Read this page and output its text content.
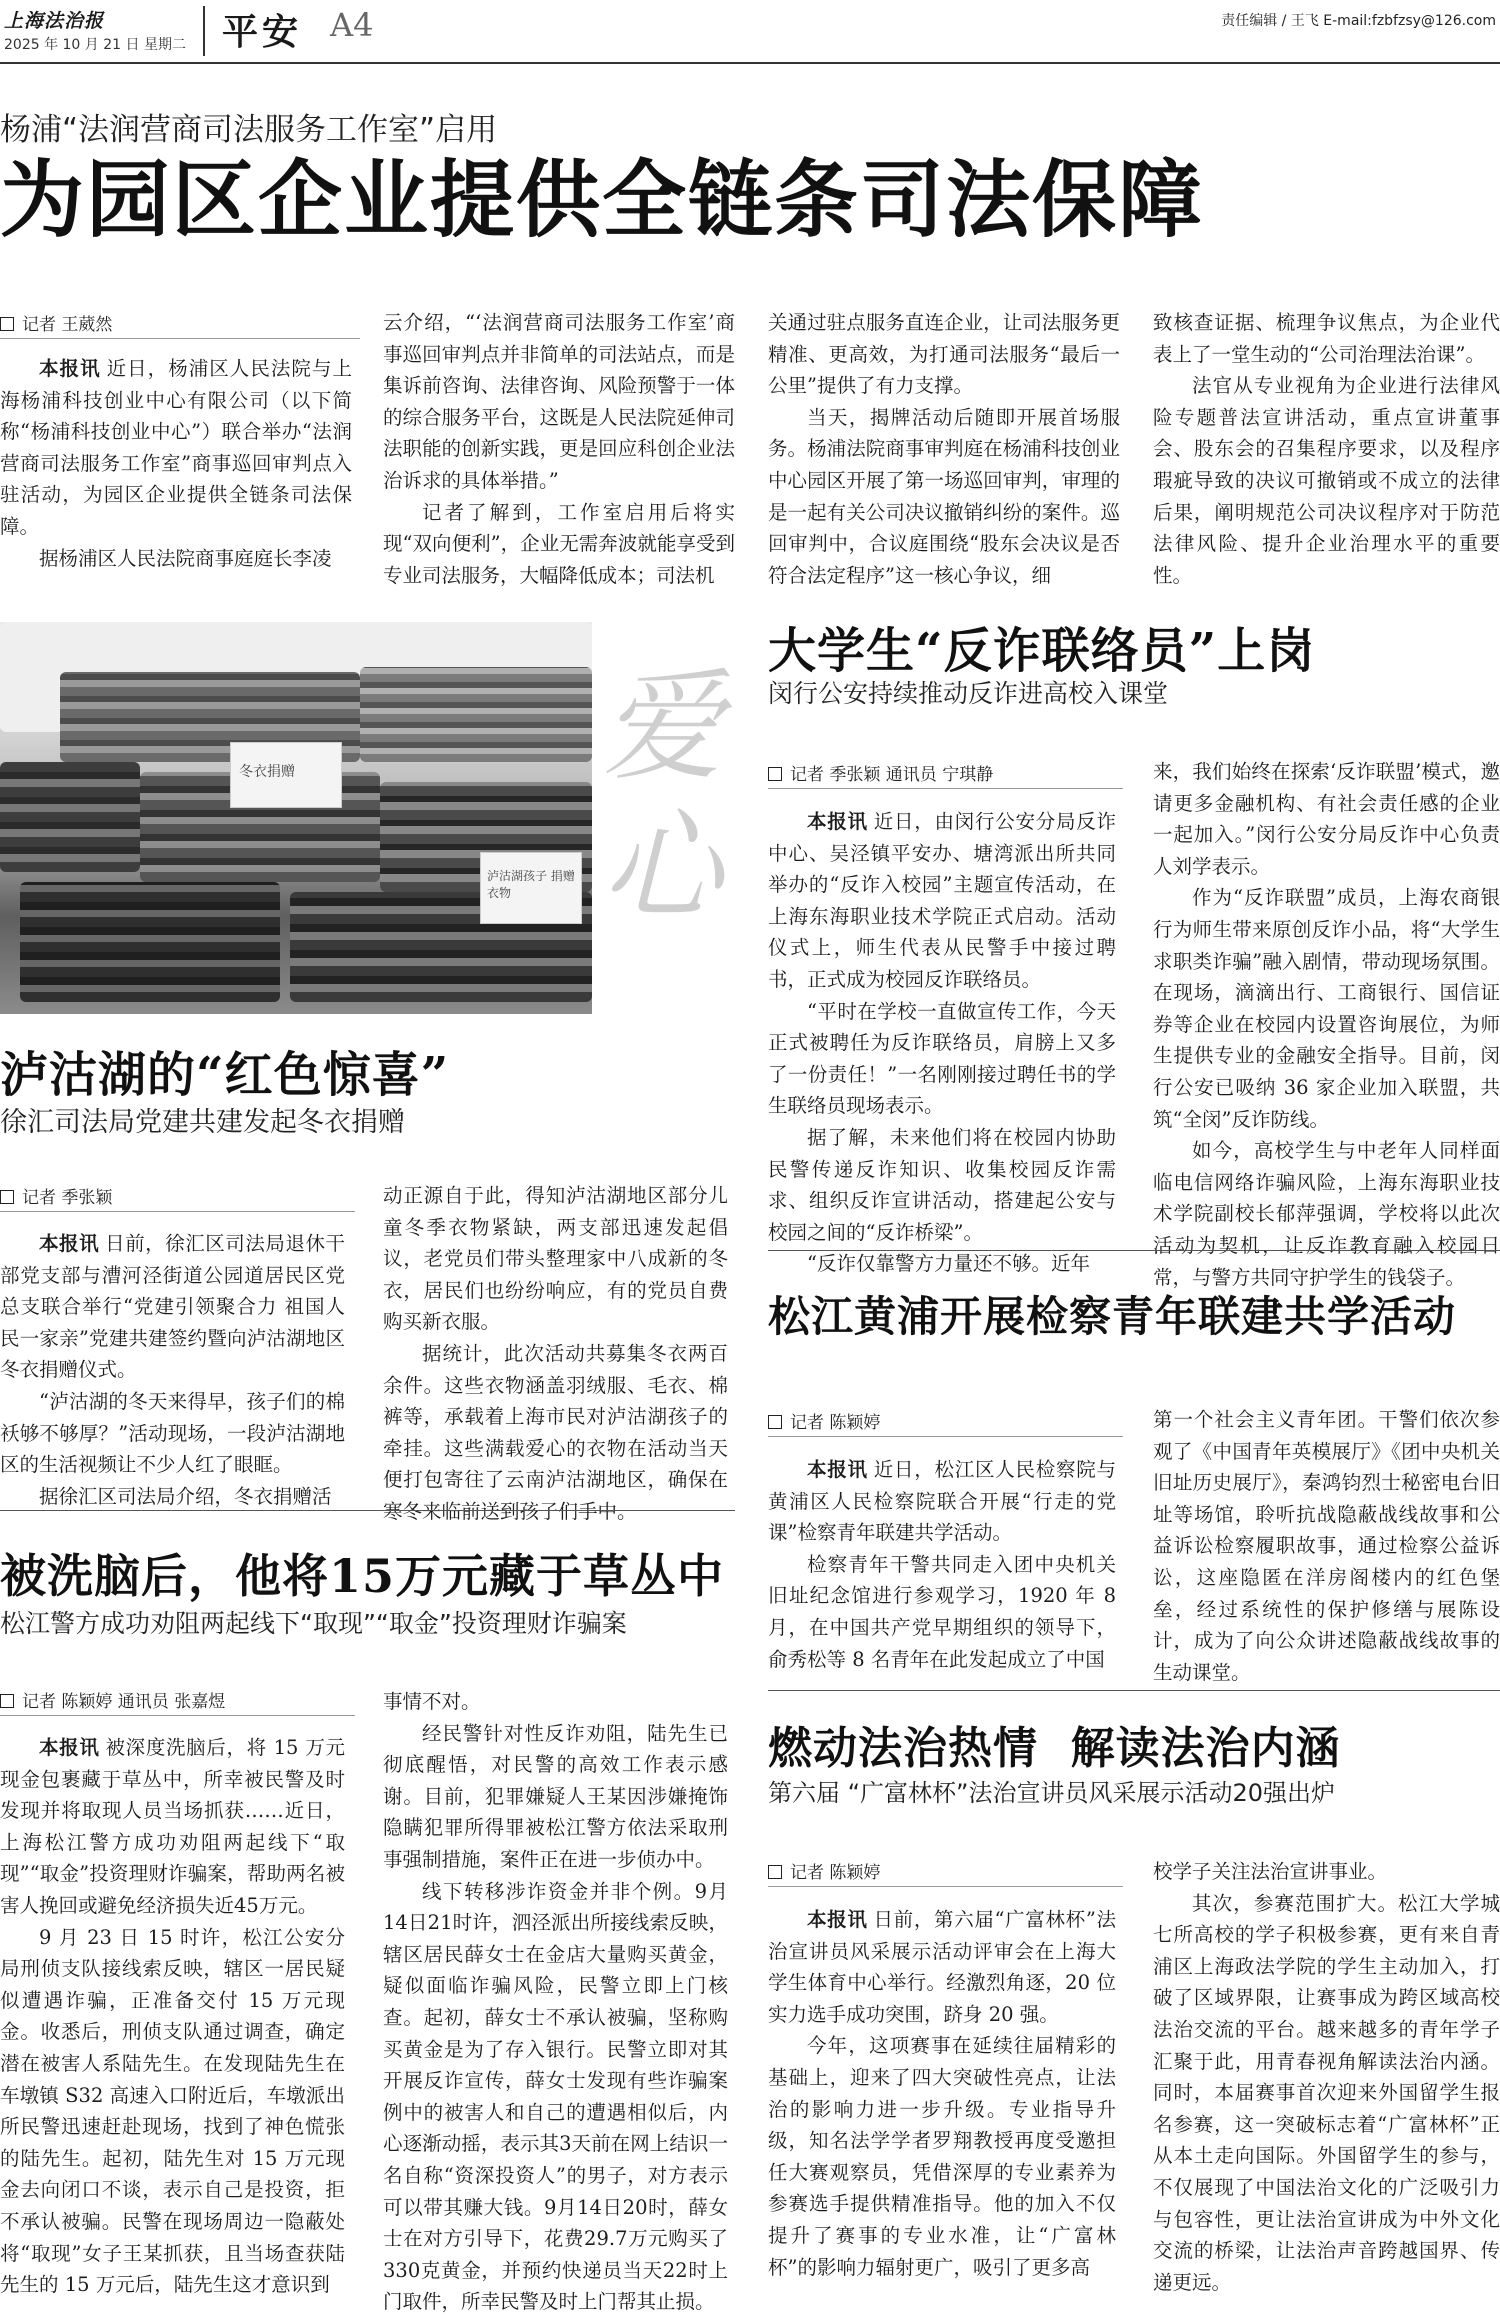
上海法治报
2025 年 10 月 21 日 星期二 平安 A4	责任编辑 / 王飞 E-mail:fzbfzsy@126.com
杨浦“法润营商司法服务工作室”启用
为园区企业提供全链条司法保障
记者 王葳然

本报讯 近日，杨浦区人民法院与上海杨浦科技创业中心有限公司（以下简称“杨浦科技创业中心”）联合举办“法润营商司法服务工作室”商事巡回审判点入驻活动，为园区企业提供全链条司法保障。

据杨浦区人民法院商事庭庭长李凌

云介绍，“‘法润营商司法服务工作室’商事巡回审判点并非简单的司法站点，而是集诉前咨询、法律咨询、风险预警于一体的综合服务平台，这既是人民法院延伸司法职能的创新实践，更是回应科创企业法治诉求的具体举措。”

记者了解到，工作室启用后将实现“双向便利”，企业无需奔波就能享受到专业司法服务，大幅降低成本；司法机

关通过驻点服务直连企业，让司法服务更精准、更高效，为打通司法服务“最后一公里”提供了有力支撑。

当天，揭牌活动后随即开展首场服务。杨浦法院商事审判庭在杨浦科技创业中心园区开展了第一场巡回审判，审理的是一起有关公司决议撤销纠纷的案件。巡回审判中，合议庭围绕“股东会决议是否符合法定程序”这一核心争议，细

致核查证据、梳理争议焦点，为企业代表上了一堂生动的“公司治理法治课”。

法官从专业视角为企业进行法律风险专题普法宣讲活动，重点宣讲董事会、股东会的召集程序要求，以及程序瑕疵导致的决议可撤销或不成立的法律后果，阐明规范公司决议程序对于防范法律风险、提升企业治理水平的重要性。

冬衣捐赠
泸沽湖孩子 捐赠衣物
爱心
泸沽湖的“红色惊喜”
徐汇司法局党建共建发起冬衣捐赠
记者 季张颖

本报讯 日前，徐汇区司法局退休干部党支部与漕河泾街道公园道居民区党总支联合举行“党建引领聚合力 祖国人民一家亲”党建共建签约暨向泸沽湖地区冬衣捐赠仪式。

“泸沽湖的冬天来得早，孩子们的棉袄够不够厚？”活动现场，一段泸沽湖地区的生活视频让不少人红了眼眶。

据徐汇区司法局介绍，冬衣捐赠活

动正源自于此，得知泸沽湖地区部分儿童冬季衣物紧缺，两支部迅速发起倡议，老党员们带头整理家中八成新的冬衣，居民们也纷纷响应，有的党员自费购买新衣服。

据统计，此次活动共募集冬衣两百余件。这些衣物涵盖羽绒服、毛衣、棉裤等，承载着上海市民对泸沽湖孩子的牵挂。这些满载爱心的衣物在活动当天便打包寄往了云南泸沽湖地区，确保在寒冬来临前送到孩子们手中。

大学生“反诈联络员”上岗
闵行公安持续推动反诈进高校入课堂
记者 季张颖 通讯员 宁琪静

本报讯 近日，由闵行公安分局反诈中心、吴泾镇平安办、塘湾派出所共同举办的“反诈入校园”主题宣传活动，在上海东海职业技术学院正式启动。活动仪式上，师生代表从民警手中接过聘书，正式成为校园反诈联络员。

“平时在学校一直做宣传工作，今天正式被聘任为反诈联络员，肩膀上又多了一份责任！”一名刚刚接过聘任书的学生联络员现场表示。

据了解，未来他们将在校园内协助民警传递反诈知识、收集校园反诈需求、组织反诈宣讲活动，搭建起公安与校园之间的“反诈桥梁”。

“反诈仅靠警方力量还不够。近年

来，我们始终在探索‘反诈联盟’模式，邀请更多金融机构、有社会责任感的企业一起加入。”闵行公安分局反诈中心负责人刘学表示。

作为“反诈联盟”成员，上海农商银行为师生带来原创反诈小品，将“大学生求职类诈骗”融入剧情，带动现场氛围。在现场，滴滴出行、工商银行、国信证券等企业在校园内设置咨询展位，为师生提供专业的金融安全指导。目前，闵行公安已吸纳 36 家企业加入联盟，共筑“全闵”反诈防线。

如今，高校学生与中老年人同样面临电信网络诈骗风险，上海东海职业技术学院副校长郁萍强调，学校将以此次活动为契机，让反诈教育融入校园日常，与警方共同守护学生的钱袋子。

被洗脑后，他将15万元藏于草丛中
松江警方成功劝阻两起线下“取现”“取金”投资理财诈骗案
记者 陈颖婷 通讯员 张嘉煜

本报讯 被深度洗脑后，将 15 万元现金包裹藏于草丛中，所幸被民警及时发现并将取现人员当场抓获……近日，上海松江警方成功劝阻两起线下“取现”“取金”投资理财诈骗案，帮助两名被害人挽回或避免经济损失近45万元。

9 月 23 日 15 时许，松江公安分局刑侦支队接线索反映，辖区一居民疑似遭遇诈骗，正准备交付 15 万元现金。收悉后，刑侦支队通过调查，确定潜在被害人系陆先生。在发现陆先生在车墩镇 S32 高速入口附近后，车墩派出所民警迅速赶赴现场，找到了神色慌张的陆先生。起初，陆先生对 15 万元现金去向闭口不谈，表示自己是投资，拒不承认被骗。民警在现场周边一隐蔽处将“取现”女子王某抓获，且当场查获陆先生的 15 万元后，陆先生这才意识到

事情不对。

经民警针对性反诈劝阻，陆先生已彻底醒悟，对民警的高效工作表示感谢。目前，犯罪嫌疑人王某因涉嫌掩饰隐瞒犯罪所得罪被松江警方依法采取刑事强制措施，案件正在进一步侦办中。

线下转移涉诈资金并非个例。9月14日21时许，泗泾派出所接线索反映，辖区居民薛女士在金店大量购买黄金，疑似面临诈骗风险，民警立即上门核查。起初，薛女士不承认被骗，坚称购买黄金是为了存入银行。民警立即对其开展反诈宣传，薛女士发现有些诈骗案例中的被害人和自己的遭遇相似后，内心逐渐动摇，表示其3天前在网上结识一名自称“资深投资人”的男子，对方表示可以带其赚大钱。9月14日20时，薛女士在对方引导下，花费29.7万元购买了330克黄金，并预约快递员当天22时上门取件，所幸民警及时上门帮其止损。

松江黄浦开展检察青年联建共学活动
记者 陈颖婷

本报讯 近日，松江区人民检察院与黄浦区人民检察院联合开展“行走的党课”检察青年联建共学活动。

检察青年干警共同走入团中央机关旧址纪念馆进行参观学习，1920 年 8 月，在中国共产党早期组织的领导下，俞秀松等 8 名青年在此发起成立了中国

第一个社会主义青年团。干警们依次参观了《中国青年英模展厅》《团中央机关旧址历史展厅》，秦鸿钧烈士秘密电台旧址等场馆，聆听抗战隐蔽战线故事和公益诉讼检察履职故事，通过检察公益诉讼，这座隐匿在洋房阁楼内的红色堡垒，经过系统性的保护修缮与展陈设计，成为了向公众讲述隐蔽战线故事的生动课堂。

燃动法治热情  解读法治内涵
第六届 “广富林杯”法治宣讲员风采展示活动20强出炉
记者 陈颖婷

本报讯 日前，第六届“广富林杯”法治宣讲员风采展示活动评审会在上海大学生体育中心举行。经激烈角逐，20 位实力选手成功突围，跻身 20 强。

今年，这项赛事在延续往届精彩的基础上，迎来了四大突破性亮点，让法治的影响力进一步升级。专业指导升级，知名法学学者罗翔教授再度受邀担任大赛观察员，凭借深厚的专业素养为参赛选手提供精准指导。他的加入不仅提升了赛事的专业水准，让“广富林杯”的影响力辐射更广，吸引了更多高

校学子关注法治宣讲事业。

其次，参赛范围扩大。松江大学城七所高校的学子积极参赛，更有来自青浦区上海政法学院的学生主动加入，打破了区域界限，让赛事成为跨区域高校法治交流的平台。越来越多的青年学子汇聚于此，用青春视角解读法治内涵。同时，本届赛事首次迎来外国留学生报名参赛，这一突破标志着“广富林杯”正从本土走向国际。外国留学生的参与，不仅展现了中国法治文化的广泛吸引力与包容性，更让法治宣讲成为中外文化交流的桥梁，让法治声音跨越国界、传递更远。
